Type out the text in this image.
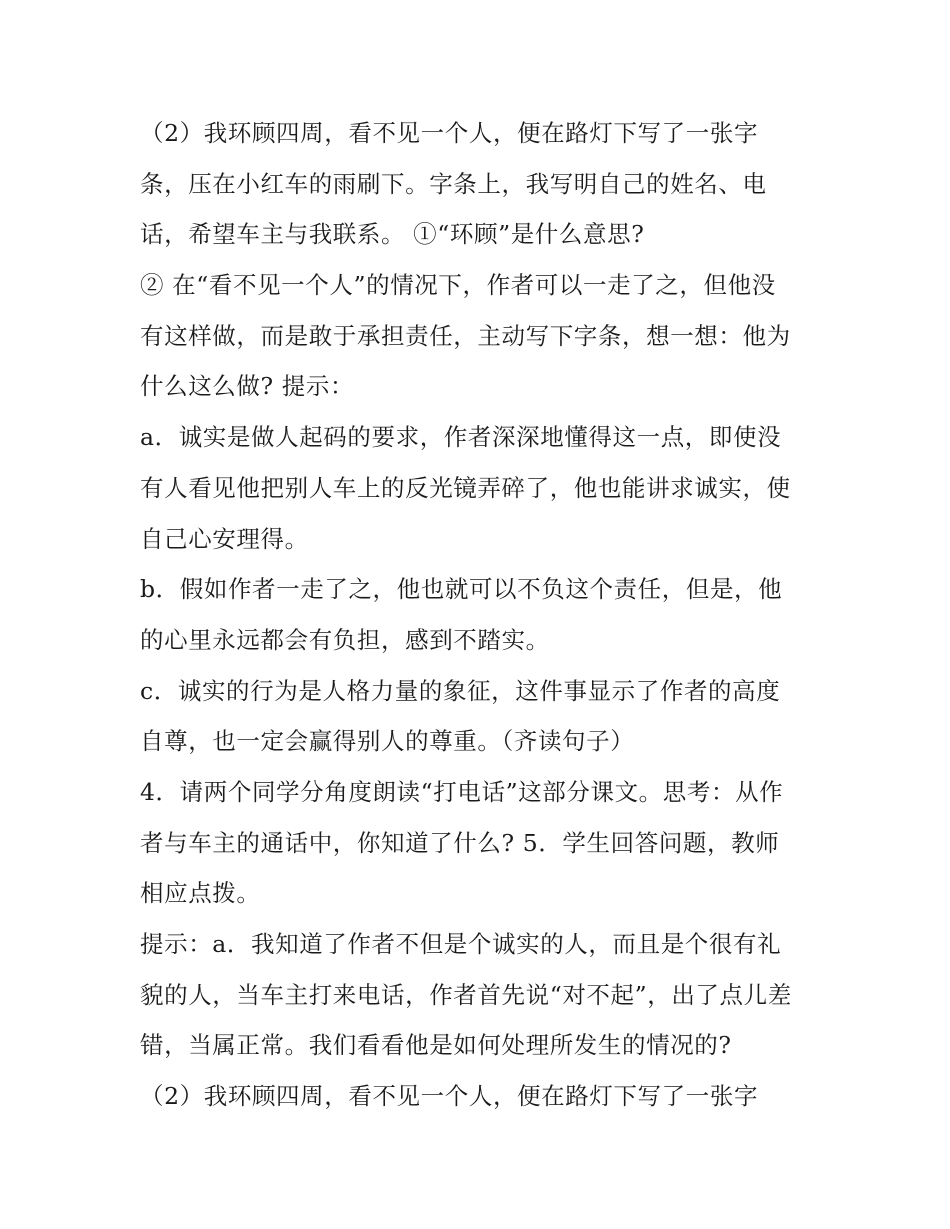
（2）我环顾四周，看不见一个人，便在路灯下写了一张字
条，压在小红车的雨刷下。字条上，我写明自己的姓名、电
话，希望车主与我联系。 ①“环顾”是什么意思?
② 在“看不见一个人”的情况下，作者可以一走了之，但他没
有这样做，而是敢于承担责任，主动写下字条，想一想：他为
什么这么做? 提示：
a．诚实是做人起码的要求，作者深深地懂得这一点，即使没
有人看见他把别人车上的反光镜弄碎了，他也能讲求诚实，使
自己心安理得。
b．假如作者一走了之，他也就可以不负这个责任，但是，他
的心里永远都会有负担，感到不踏实。
c．诚实的行为是人格力量的象征，这件事显示了作者的高度
自尊，也一定会赢得别人的尊重。（齐读句子）
4．请两个同学分角度朗读“打电话”这部分课文。思考：从作
者与车主的通话中，你知道了什么? 5．学生回答问题，教师
相应点拨。
提示：a．我知道了作者不但是个诚实的人，而且是个很有礼
貌的人，当车主打来电话，作者首先说“对不起”，出了点儿差
错，当属正常。我们看看他是如何处理所发生的情况的?
（2）我环顾四周，看不见一个人，便在路灯下写了一张字
